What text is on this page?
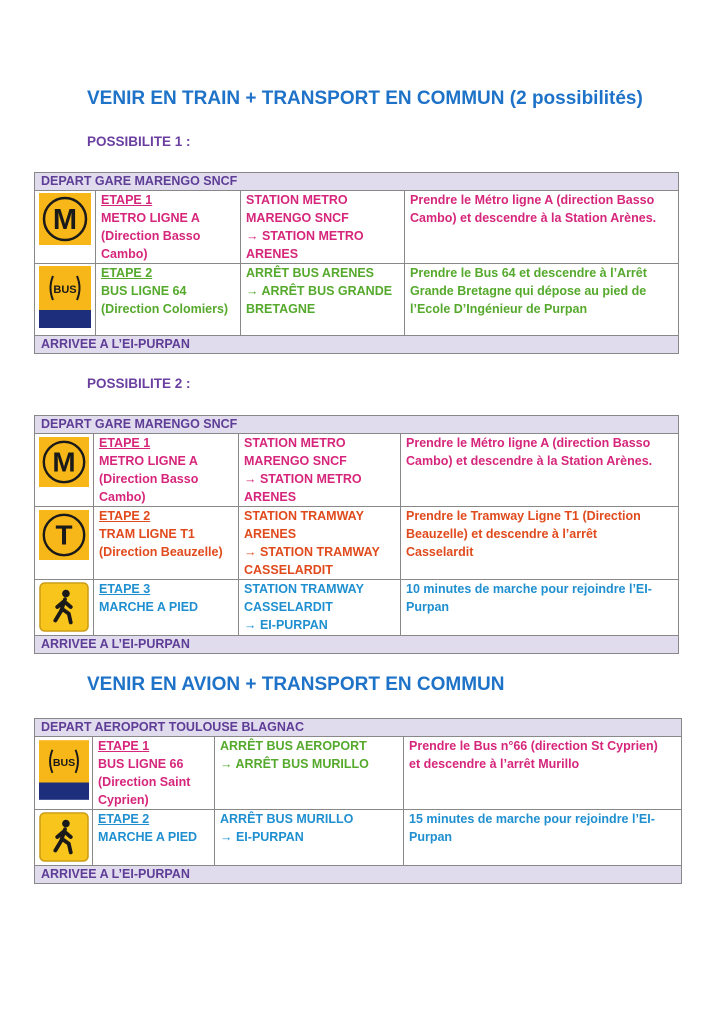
VENIR EN TRAIN + TRANSPORT EN COMMUN (2 possibilités)
POSSIBILITE 1 :
DEPART GARE MARENGO SNCF			

M	ETAPE 1
METRO LIGNE A
(Direction Basso
Cambo)	STATION METRO
MARENGO SNCF
→ STATION METRO
ARENES	Prendre le Métro ligne A (direction Basso
Cambo) et descendre à la Station Arènes.

BUS	ETAPE 2
BUS LIGNE 64
(Direction Colomiers)	ARRÊT BUS ARENES
→ ARRÊT BUS GRANDE
BRETAGNE	Prendre le Bus 64 et descendre à l’Arrêt
Grande Bretagne qui dépose au pied de
l’Ecole D’Ingénieur de Purpan

ARRIVEE A L’EI-PURPAN			
POSSIBILITE 2 :
DEPART GARE MARENGO SNCF			

M	ETAPE 1
METRO LIGNE A
(Direction Basso
Cambo)	STATION METRO
MARENGO SNCF
→ STATION METRO
ARENES	Prendre le Métro ligne A (direction Basso
Cambo) et descendre à la Station Arènes.

T	ETAPE 2
TRAM LIGNE T1
(Direction Beauzelle)	STATION TRAMWAY
ARENES
→ STATION TRAMWAY
CASSELARDIT	Prendre le Tramway Ligne T1 (Direction
Beauzelle) et descendre à l’arrêt
Casselardit

ETAPE 3
MARCHE A PIED	STATION TRAMWAY
CASSELARDIT
→ EI-PURPAN	10 minutes de marche pour rejoindre l’EI-
Purpan

ARRIVEE A L’EI-PURPAN			
VENIR EN AVION + TRANSPORT EN COMMUN
DEPART AEROPORT TOULOUSE BLAGNAC			

BUS	ETAPE 1
BUS LIGNE 66
(Direction Saint
Cyprien)	ARRÊT BUS AEROPORT
→ ARRÊT BUS MURILLO	Prendre le Bus n°66 (direction St Cyprien)
et descendre à l’arrêt Murillo

ETAPE 2
MARCHE A PIED	ARRÊT BUS MURILLO
→ EI-PURPAN	15 minutes de marche pour rejoindre l’EI-
Purpan

ARRIVEE A L’EI-PURPAN			
